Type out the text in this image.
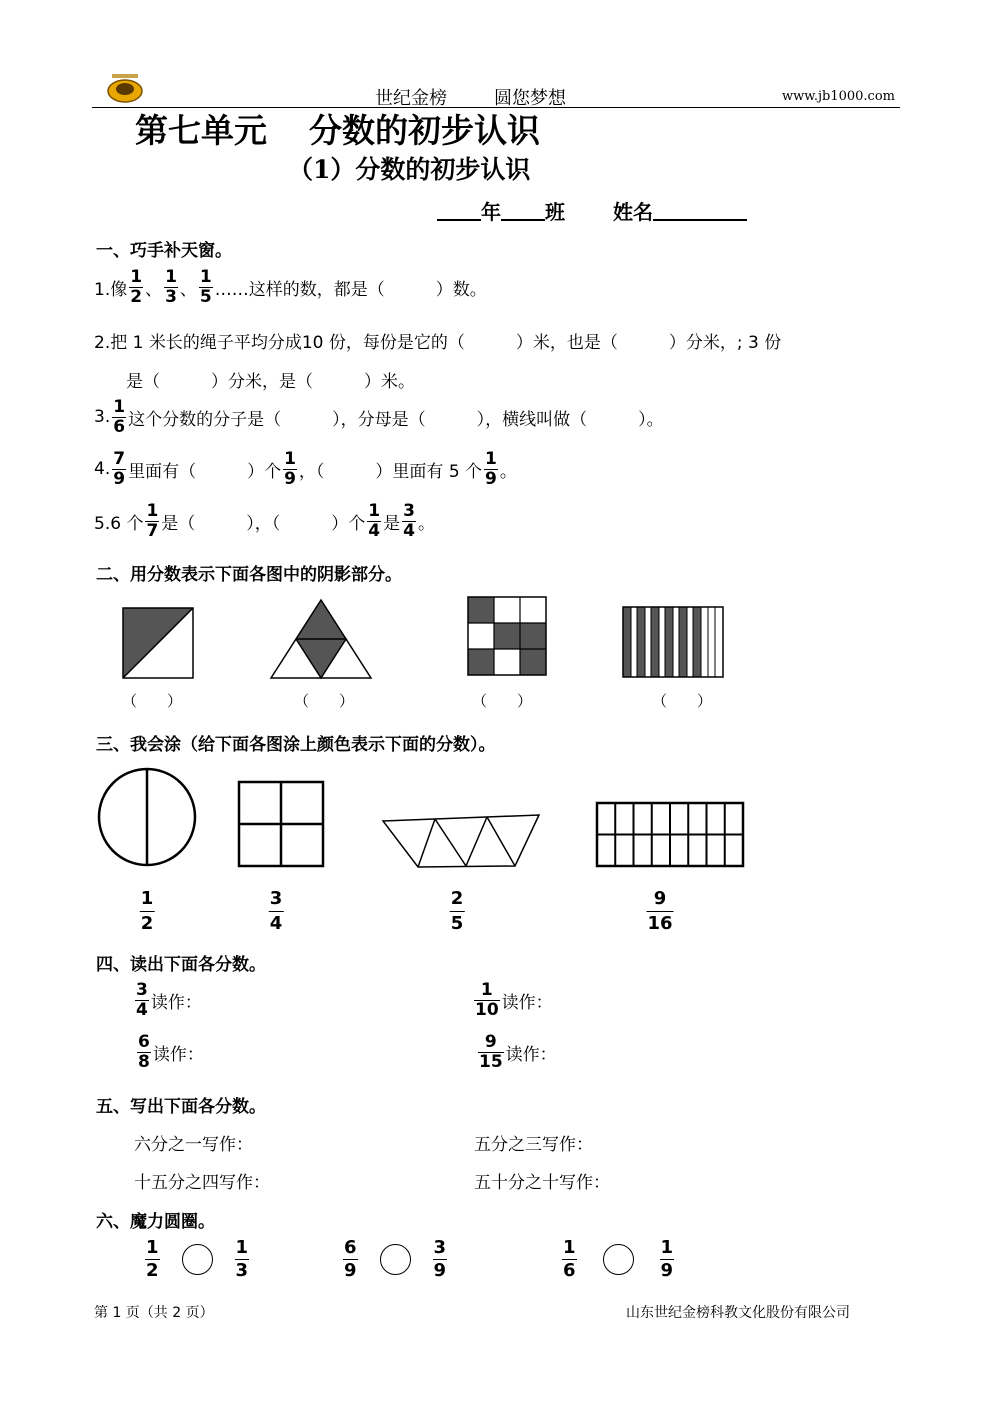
世纪金榜	圆您梦想	www.jb1000.com
第七单元 分数的初步认识
（1）分数的初步认识
年 班 姓名
一、巧手补天窗。
1.像 $\frac{1}{2}$ 、 $\frac{1}{3}$ 、 $\frac{1}{5}$ ……这样的数，都是（　　　）数。
2.把 1 米长的绳子平均分成10 份，每份是它的（　　　）米，也是（　　　）分米，; 3 份
是（　　　）分米，是（　　　）米。
3. $\frac{1}{6}$ 这个分数的分子是（　　　），分母是（　　　），横线叫做（　　　）。
4. $\frac{7}{9}$ 里面有（　　　）个 $\frac{1}{9}$ ，（　　　）里面有 5 个 $\frac{1}{9}$ 。
5.6 个 $\frac{1}{7}$ 是（　　　），（　　　）个 $\frac{1}{4}$ 是 $\frac{3}{4}$ 。
二、用分数表示下面各图中的阴影部分。
（　　）	（　　）	（　　）	（　　）
三、我会涂（给下面各图涂上颜色表示下面的分数）。
$\frac{1}{2}$	$\frac{3}{4}$	$\frac{2}{5}$	$\frac{9}{16}$
四、读出下面各分数。
$\frac{3}{4}$ 读作：	$\frac{1}{10}$ 读作：
$\frac{6}{8}$ 读作：	$\frac{9}{15}$ 读作：
五、写出下面各分数。
六分之一写作：	五分之三写作：
十五分之四写作：	五十分之十写作：
六、魔力圆圈。
$\frac{1}{2}$	$\frac{1}{3}$	$\frac{6}{9}$	$\frac{3}{9}$	$\frac{1}{6}$	$\frac{1}{9}$
第 1 页（共 2 页）	山东世纪金榜科教文化股份有限公司
